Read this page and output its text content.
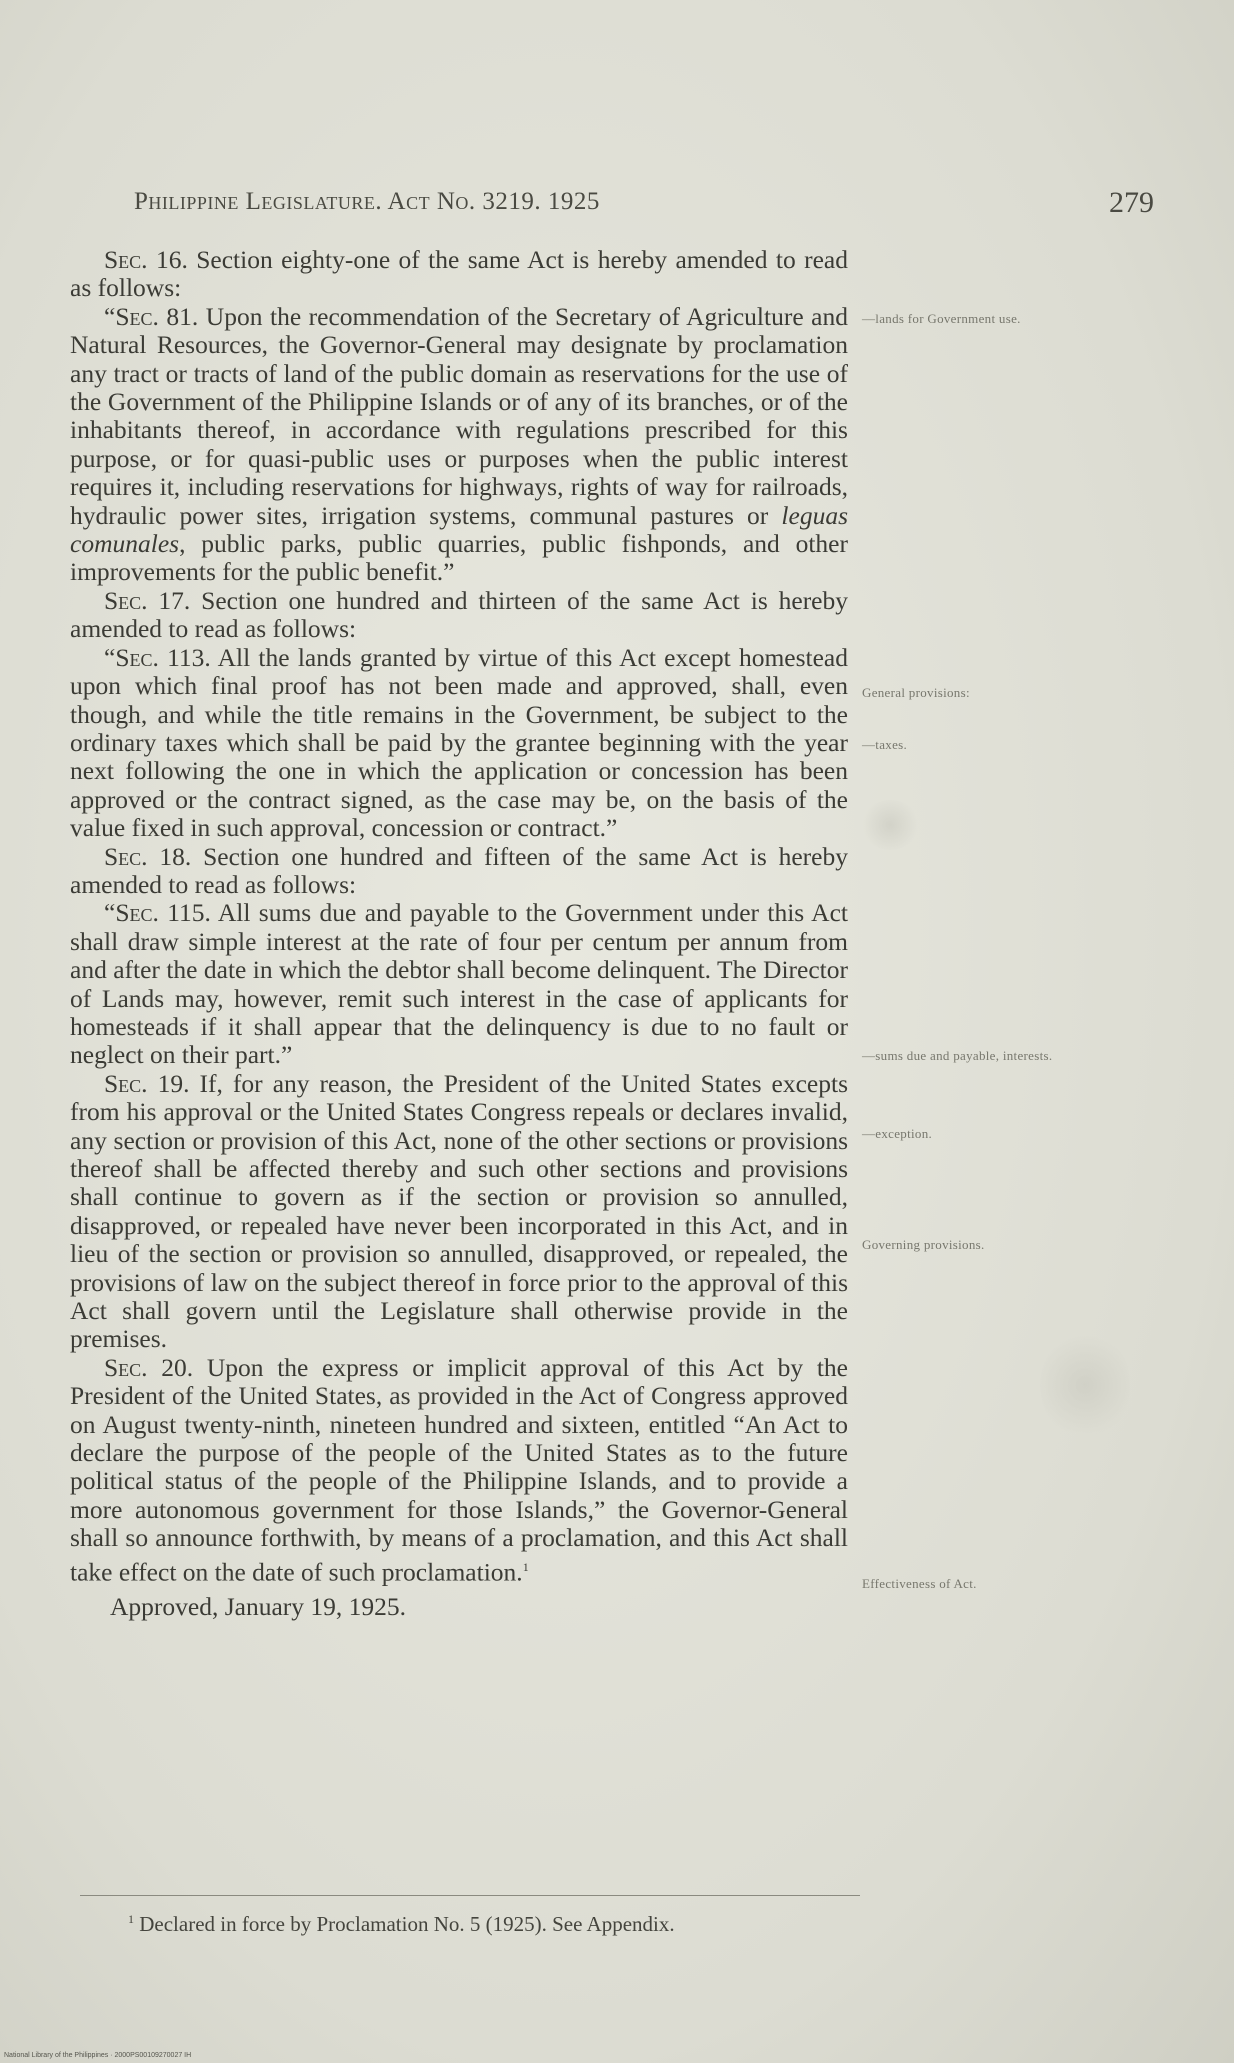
Philippine Legislature. Act No. 3219. 1925	279

Sec. 16. Section eighty-one of the same Act is hereby amended to read as follows:

“Sec. 81. Upon the recommendation of the Secretary of Agriculture and Natural Resources, the Governor-General may designate by proclamation any tract or tracts of land of the public domain as reservations for the use of the Government of the Philippine Islands or of any of its branches, or of the inhabitants thereof, in accordance with regulations prescribed for this purpose, or for quasi-public uses or purposes when the public interest requires it, including reservations for highways, rights of way for railroads, hydraulic power sites, irrigation systems, communal pastures or leguas comunales, public parks, public quarries, public fishponds, and other improvements for the public benefit.”

Sec. 17. Section one hundred and thirteen of the same Act is hereby amended to read as follows:

“Sec. 113. All the lands granted by virtue of this Act except homestead upon which final proof has not been made and approved, shall, even though, and while the title remains in the Government, be subject to the ordinary taxes which shall be paid by the grantee beginning with the year next following the one in which the application or concession has been approved or the contract signed, as the case may be, on the basis of the value fixed in such approval, concession or contract.”

Sec. 18. Section one hundred and fifteen of the same Act is hereby amended to read as follows:

“Sec. 115. All sums due and payable to the Government under this Act shall draw simple interest at the rate of four per centum per annum from and after the date in which the debtor shall become delinquent. The Director of Lands may, however, remit such interest in the case of applicants for homesteads if it shall appear that the delinquency is due to no fault or neglect on their part.”

Sec. 19. If, for any reason, the President of the United States excepts from his approval or the United States Congress repeals or declares invalid, any section or provision of this Act, none of the other sections or provisions thereof shall be affected thereby and such other sections and provisions shall continue to govern as if the section or provision so annulled, disapproved, or repealed have never been incorporated in this Act, and in lieu of the section or provision so annulled, disapproved, or repealed, the provisions of law on the subject thereof in force prior to the approval of this Act shall govern until the Legislature shall otherwise provide in the premises.

Sec. 20. Upon the express or implicit approval of this Act by the President of the United States, as provided in the Act of Congress approved on August twenty-ninth, nineteen hundred and sixteen, entitled “An Act to declare the purpose of the people of the United States as to the future political status of the people of the Philippine Islands, and to provide a more autonomous government for those Islands,” the Governor-General shall so announce forthwith, by means of a proclamation, and this Act shall take effect on the date of such proclamation.$^1$

Approved, January 19, 1925.

—lands for Government use.
General provisions:
—taxes.
—sums due and payable, interests.
—exception.
Governing provisions.
Effectiveness of Act.
$^1$ Declared in force by Proclamation No. 5 (1925). See Appendix.
National Library of the Philippines · 2000PS00109270027 IH
